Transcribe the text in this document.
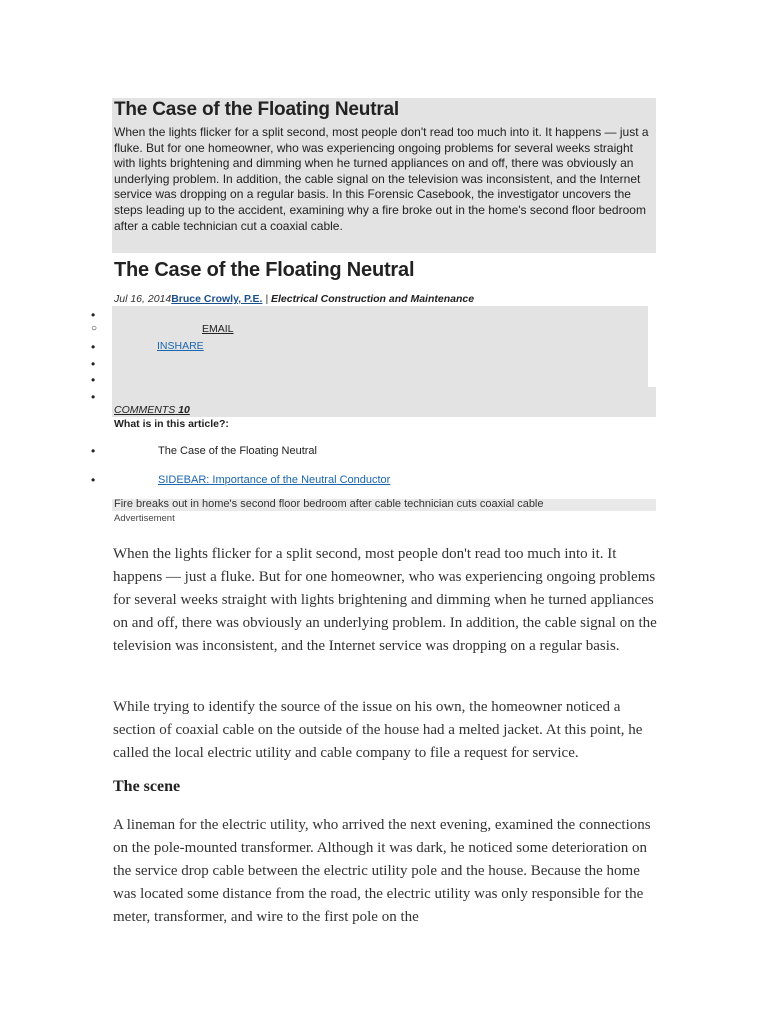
The Case of the Floating Neutral

When the lights flicker for a split second, most people don't read too much into it. It happens — just a fluke. But for one homeowner, who was experiencing ongoing problems for several weeks straight with lights brightening and dimming when he turned appliances on and off, there was obviously an underlying problem. In addition, the cable signal on the television was inconsistent, and the Internet service was dropping on a regular basis. In this Forensic Casebook, the investigator uncovers the steps leading up to the accident, examining why a fire broke out in the home's second floor bedroom after a cable technician cut a coaxial cable.

The Case of the Floating Neutral
Jul 16, 2014Bruce Crowly, P.E. | Electrical Construction and Maintenance
•
○	EMAIL
•	INSHARE
•
•
•
COMMENTS 10
What is in this article?:
•	The Case of the Floating Neutral
•	SIDEBAR: Importance of the Neutral Conductor
Fire breaks out in home's second floor bedroom after cable technician cuts coaxial cable
Advertisement

When the lights flicker for a split second, most people don't read too much into it. It happens — just a fluke. But for one homeowner, who was experiencing ongoing problems for several weeks straight with lights brightening and dimming when he turned appliances on and off, there was obviously an underlying problem. In addition, the cable signal on the television was inconsistent, and the Internet service was dropping on a regular basis.

While trying to identify the source of the issue on his own, the homeowner noticed a section of coaxial cable on the outside of the house had a melted jacket. At this point, he called the local electric utility and cable company to file a request for service.

The scene

A lineman for the electric utility, who arrived the next evening, examined the connections on the pole-mounted transformer. Although it was dark, he noticed some deterioration on the service drop cable between the electric utility pole and the house. Because the home was located some distance from the road, the electric utility was only responsible for the meter, transformer, and wire to the first pole on the
